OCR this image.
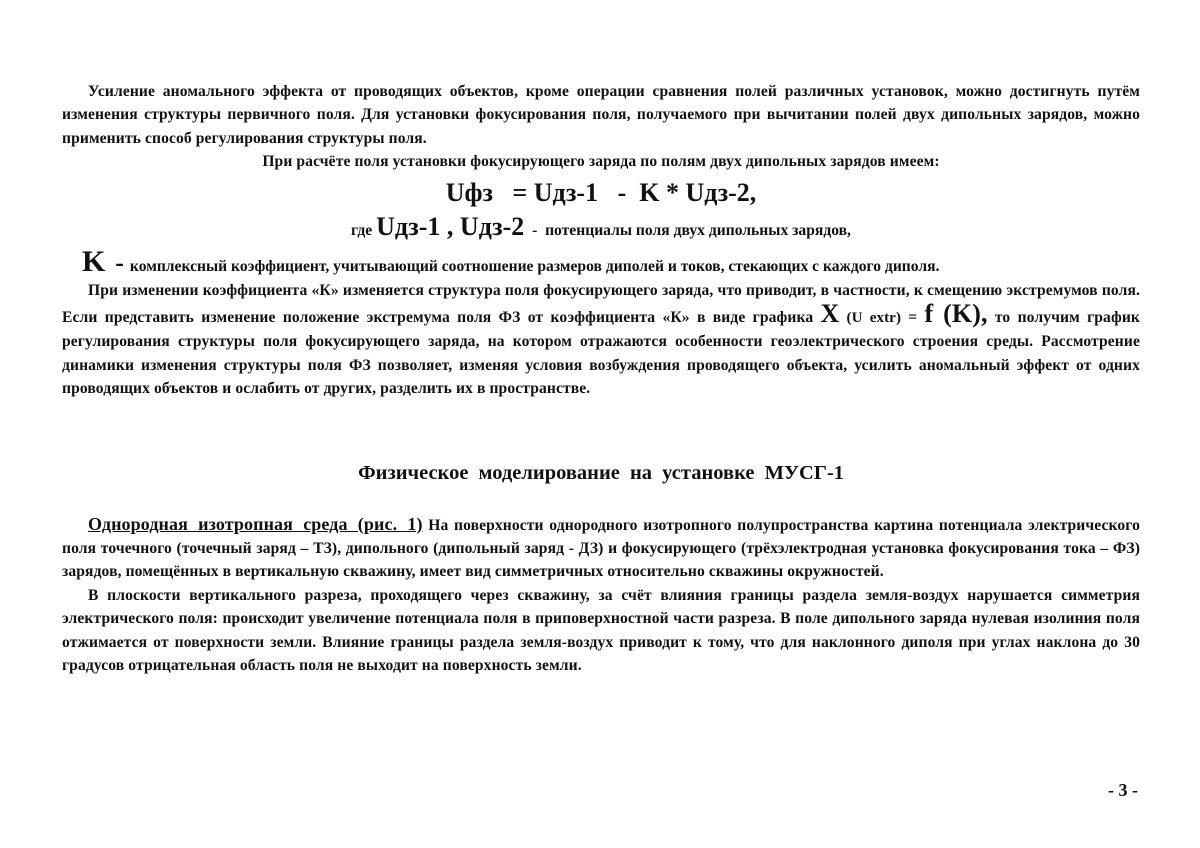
Усиление аномального эффекта от проводящих объектов, кроме операции сравнения полей различных установок, можно достигнуть путём изменения структуры первичного поля. Для установки фокусирования поля, получаемого при вычитании полей двух дипольных зарядов, можно применить способ регулирования структуры поля.

При расчёте поля установки фокусирующего заряда по полям двух дипольных зарядов имеем:

Uфз   = Uдз-1   -  K * Uдз-2,

где Uдз-1 , Uдз-2  -  потенциалы поля двух дипольных зарядов,

K - комплексный коэффициент, учитывающий соотношение размеров диполей и токов, стекающих с каждого диполя.

При изменении коэффициента «К» изменяется структура поля фокусирующего заряда, что приводит, в частности, к смещению экстремумов поля. Если представить изменение положение экстремума поля ФЗ от коэффициента «К» в виде графика X (U extr) = f (K), то получим график регулирования структуры поля фокусирующего заряда, на котором отражаются особенности геоэлектрического строения среды. Рассмотрение динамики изменения структуры поля ФЗ позволяет, изменяя условия возбуждения проводящего объекта, усилить аномальный эффект от одних проводящих объектов и ослабить от других, разделить их в пространстве.

Физическое моделирование на установке МУСГ-1

Однородная изотропная среда (рис. 1) На поверхности однородного изотропного полупространства картина потенциала электрического поля точечного (точечный заряд – ТЗ), дипольного (дипольный заряд - ДЗ) и фокусирующего (трёхэлектродная установка фокусирования тока – ФЗ) зарядов, помещённых в вертикальную скважину, имеет вид симметричных относительно скважины окружностей.

В плоскости вертикального разреза, проходящего через скважину, за счёт влияния границы раздела земля-воздух нарушается симметрия электрического поля: происходит увеличение потенциала поля в приповерхностной части разреза. В поле дипольного заряда нулевая изолиния поля отжимается от поверхности земли. Влияние границы раздела земля-воздух приводит к тому, что для наклонного диполя при углах наклона до 30 градусов отрицательная область поля не выходит на поверхность земли.

- 3 -
